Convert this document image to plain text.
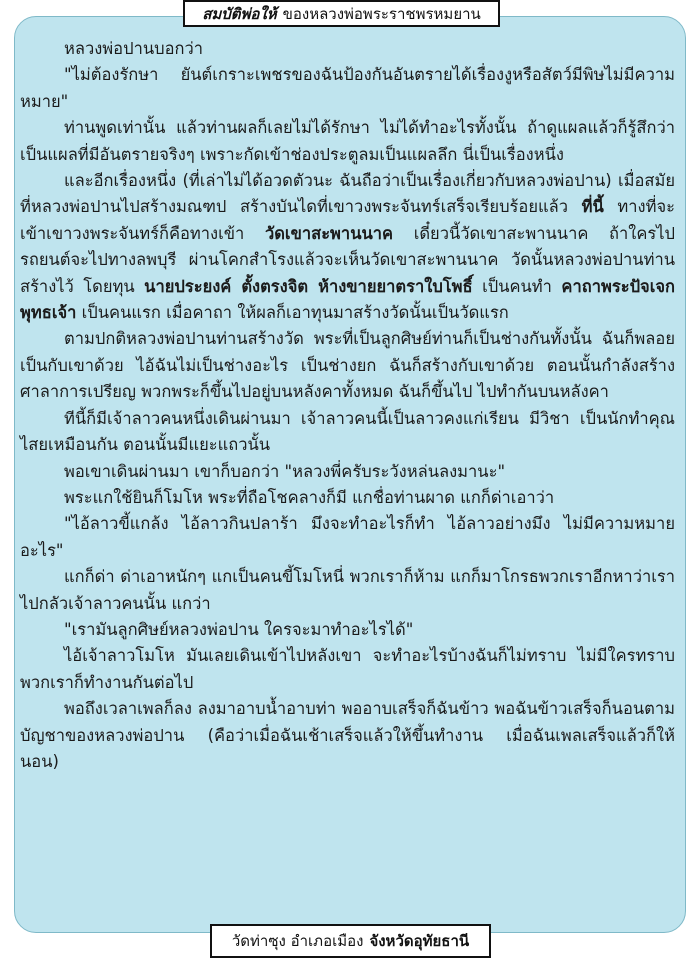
สมบัติพ่อให้ ของหลวงพ่อพระราชพรหมยาน

หลวงพ่อปานบอกว่า

"ไม่ต้องรักษา ยันต์เกราะเพชรของฉันป้องกันอันตรายได้เรื่องงูหรือสัตว์มีพิษไม่มีความหมาย"

ท่านพูดเท่านั้น แล้วท่านผลก็เลยไม่ได้รักษา ไม่ได้ทำอะไรทั้งนั้น ถ้าดูแผลแล้วก็รู้สึกว่าเป็นแผลที่มีอันตรายจริงๆ เพราะกัดเข้าช่องประตูลมเป็นแผลลึก นี่เป็นเรื่องหนึ่ง

และอีกเรื่องหนึ่ง (ที่เล่าไม่ได้อวดตัวนะ ฉันถือว่าเป็นเรื่องเกี่ยวกับหลวงพ่อปาน) เมื่อสมัยที่หลวงพ่อปานไปสร้างมณฑป สร้างบันไดที่เขาวงพระจันทร์เสร็จเรียบร้อยแล้ว ที่นี้ ทางที่จะเข้าเขาวงพระจันทร์ก็คือทางเข้า วัดเขาสะพานนาค เดี๋ยวนี้วัดเขาสะพานนาค ถ้าใครไปรถยนต์จะไปทางลพบุรี ผ่านโคกสำโรงแล้วจะเห็นวัดเขาสะพานนาค วัดนั้นหลวงพ่อปานท่านสร้างไว้ โดยทุน นายประยงค์ ตั้งตรงจิต ห้างขายยาตราใบโพธิ์ เป็นคนทำ คาถาพระปัจเจกพุทธเจ้า เป็นคนแรก เมื่อคาถา ให้ผลก็เอาทุนมาสร้างวัดนั้นเป็นวัดแรก

ตามปกติหลวงพ่อปานท่านสร้างวัด พระที่เป็นลูกศิษย์ท่านก็เป็นช่างกันทั้งนั้น ฉันก็พลอยเป็นกับเขาด้วย ไอ้ฉันไม่เป็นช่างอะไร เป็นช่างยก ฉันก็สร้างกับเขาด้วย ตอนนั้นกำลังสร้างศาลาการเปรียญ พวกพระก็ขึ้นไปอยู่บนหลังคาทั้งหมด ฉันก็ขึ้นไป ไปทำกันบนหลังคา

ทีนี้ก็มีเจ้าลาวคนหนึ่งเดินผ่านมา เจ้าลาวคนนี้เป็นลาวคงแก่เรียน มีวิชา เป็นนักทำคุณไสยเหมือนกัน ตอนนั้นมีแยะแถวนั้น

พอเขาเดินผ่านมา เขาก็บอกว่า "หลวงพี่ครับระวังหล่นลงมานะ"

พระแกใช้ยินก็โมโห พระที่ถือโชคลางก็มี แกชื่อท่านผาด แกก็ด่าเอาว่า

"ไอ้ลาวขี้แกล้ง ไอ้ลาวกินปลาร้า มึงจะทำอะไรก็ทำ ไอ้ลาวอย่างมึง ไม่มีความหมายอะไร"

แกก็ด่า ด่าเอาหนักๆ แกเป็นคนขี้โมโหนี่ พวกเราก็ห้าม แกก็มาโกรธพวกเราอีกหาว่าเราไปกลัวเจ้าลาวคนนั้น แกว่า

"เรามันลูกศิษย์หลวงพ่อปาน ใครจะมาทำอะไรได้"

ไอ้เจ้าลาวโมโห มันเลยเดินเข้าไปหลังเขา จะทำอะไรบ้างฉันก็ไม่ทราบ ไม่มีใครทราบ พวกเราก็ทำงานกันต่อไป

พอถึงเวลาเพลก็ลง ลงมาอาบน้ำอาบท่า พออาบเสร็จก็ฉันข้าว พอฉันข้าวเสร็จก็นอนตามบัญชาของหลวงพ่อปาน (คือว่าเมื่อฉันเช้าเสร็จแล้วให้ขึ้นทำงาน เมื่อฉันเพลเสร็จแล้วก็ให้นอน)

วัดท่าซุง อำเภอเมือง จังหวัดอุทัยธานี
